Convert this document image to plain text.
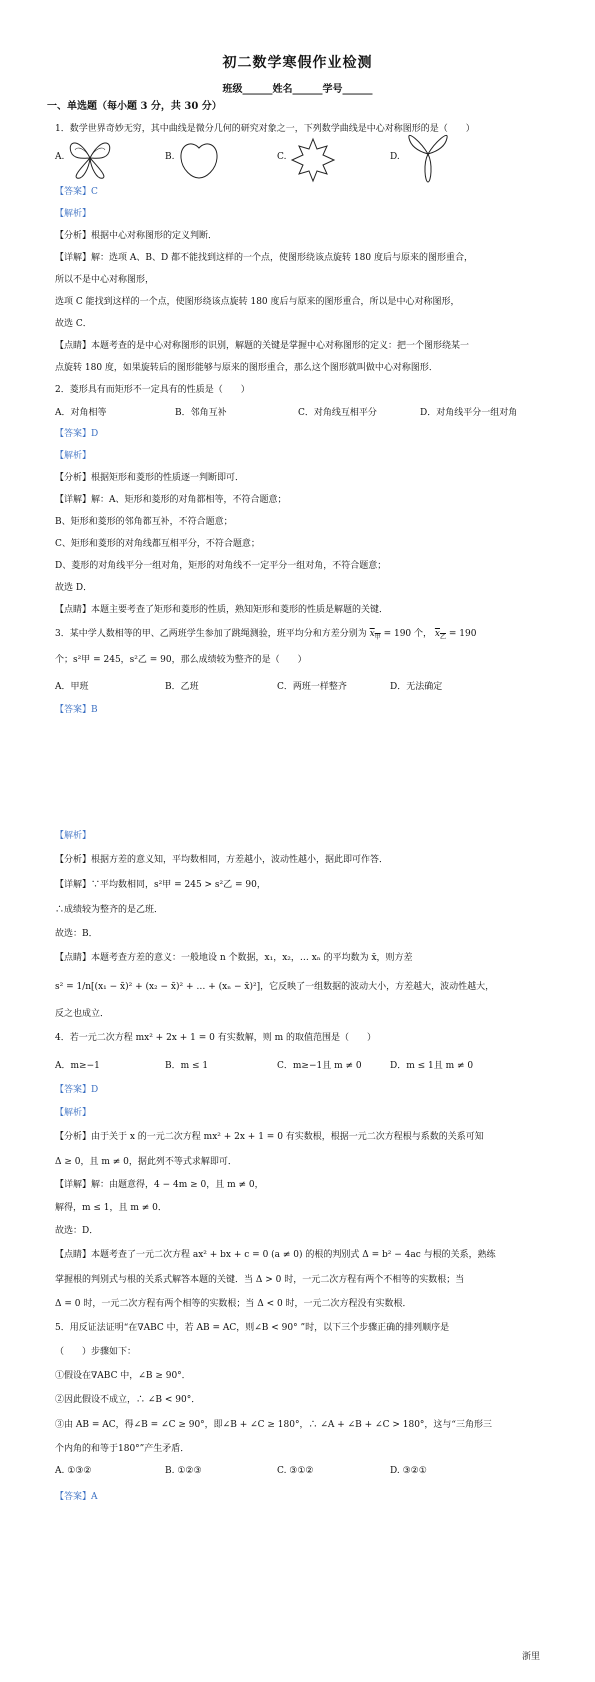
初二数学寒假作业检测
班级______姓名______学号______
一、单选题（每小题 3 分，共 30 分）
1．数学世界奇妙无穷，其中曲线是微分几何的研究对象之一，下列数学曲线是中心对称图形的是（　　）
A.	B.	C.	D.
【答案】C
【解析】
【分析】根据中心对称图形的定义判断．
【详解】解：选项 A、B、D 都不能找到这样的一个点，使图形绕该点旋转 180 度后与原来的图形重合，
所以不是中心对称图形，
选项 C 能找到这样的一个点，使图形绕该点旋转 180 度后与原来的图形重合，所以是中心对称图形，
故选 C．
【点睛】本题考查的是中心对称图形的识别，解题的关键是掌握中心对称图形的定义：把一个图形绕某一
点旋转 180 度，如果旋转后的图形能够与原来的图形重合，那么这个图形就叫做中心对称图形．
2．菱形具有而矩形不一定具有的性质是（　　）
A．对角相等	B．邻角互补	C．对角线互相平分	D．对角线平分一组对角
【答案】D
【解析】
【分析】根据矩形和菱形的性质逐一判断即可．
【详解】解：A、矩形和菱形的对角都相等，不符合题意；
B、矩形和菱形的邻角都互补，不符合题意；
C、矩形和菱形的对角线都互相平分，不符合题意；
D、菱形的对角线平分一组对角，矩形的对角线不一定平分一组对角，不符合题意；
故选 D．
【点睛】本题主要考查了矩形和菱形的性质，熟知矩形和菱形的性质是解题的关键．
3．某中学人数相等的甲、乙两班学生参加了跳绳测验，班平均分和方差分别为 $x_甲 = 190$ 个， $x_乙 = 190$
个；s²甲 = 245，s²乙 = 90，那么成绩较为整齐的是（　　）
A．甲班	B．乙班	C．两班一样整齐	D．无法确定
【答案】B
【解析】
【分析】根据方差的意义知，平均数相同，方差越小，波动性越小，据此即可作答．
【详解】∵平均数相同，s²甲 = 245 > s²乙 = 90，
∴成绩较为整齐的是乙班．
故选：B．
【点睛】本题考查方差的意义：一般地设 n 个数据，x₁，x₂，… xₙ 的平均数为 x̄，则方差
s² = 1/n[(x₁ − x̄)² + (x₂ − x̄)² + … + (xₙ − x̄)²]，它反映了一组数据的波动大小，方差越大，波动性越大，
反之也成立．
4．若一元二次方程 mx² + 2x + 1 = 0 有实数解，则 m 的取值范围是（　　）
A．m≥−1	B．m ≤ 1	C．m≥−1且 m ≠ 0	D．m ≤ 1且 m ≠ 0
【答案】D
【解析】
【分析】由于关于 x 的一元二次方程 mx² + 2x + 1 = 0 有实数根，根据一元二次方程根与系数的关系可知
Δ ≥ 0，且 m ≠ 0，据此列不等式求解即可．
【详解】解：由题意得，4 − 4m ≥ 0，且 m ≠ 0，
解得，m ≤ 1，且 m ≠ 0．
故选：D．
【点睛】本题考查了一元二次方程 ax² + bx + c = 0 (a ≠ 0) 的根的判别式 Δ = b² − 4ac 与根的关系，熟练
掌握根的判别式与根的关系式解答本题的关键．当 Δ > 0 时，一元二次方程有两个不相等的实数根；当
Δ = 0 时，一元二次方程有两个相等的实数根；当 Δ < 0 时，一元二次方程没有实数根．
5．用反证法证明“在∇ABC 中，若 AB = AC，则∠B < 90° ”时，以下三个步骤正确的排列顺序是
（　　）步骤如下：
①假设在∇ABC 中，∠B ≥ 90°．
②因此假设不成立，∴ ∠B < 90°．
③由 AB = AC，得∠B = ∠C ≥ 90°，即∠B + ∠C ≥ 180°，∴ ∠A + ∠B + ∠C > 180°，这与“三角形三
个内角的和等于180°”产生矛盾．
A. ①③②	B. ①②③	C. ③①②	D. ③②①
【答案】A
浙里
